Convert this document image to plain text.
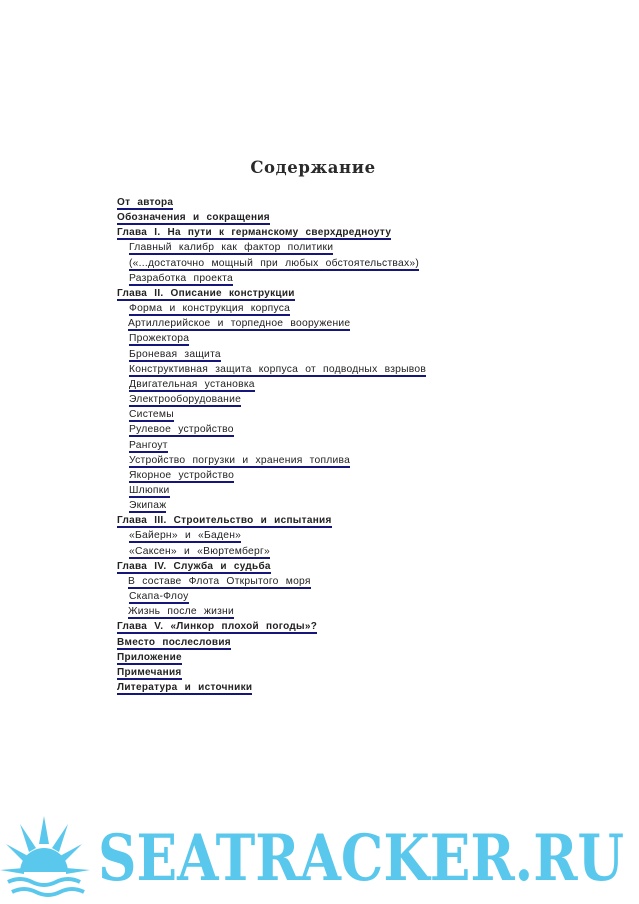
Содержание
От автора
Обозначения и сокращения
Глава I. На пути к германскому сверхдредноуту
Главный калибр как фактор политики
(«...достаточно мощный при любых обстоятельствах»)
Разработка проекта
Глава II. Описание конструкции
Форма и конструкция корпуса
Артиллерийское и торпедное вооружение
Прожектора
Броневая защита
Конструктивная защита корпуса от подводных взрывов
Двигательная установка
Электрооборудование
Системы
Рулевое устройство
Рангоут
Устройство погрузки и хранения топлива
Якорное устройство
Шлюпки
Экипаж
Глава III. Строительство и испытания
«Байерн» и «Баден»
«Саксен» и «Вюртемберг»
Глава IV. Служба и судьба
В составе Флота Открытого моря
Скапа-Флоу
Жизнь после жизни
Глава V. «Линкор плохой погоды»?
Вместо послесловия
Приложение
Примечания
Литература и источники
SEATRACKER.RU
